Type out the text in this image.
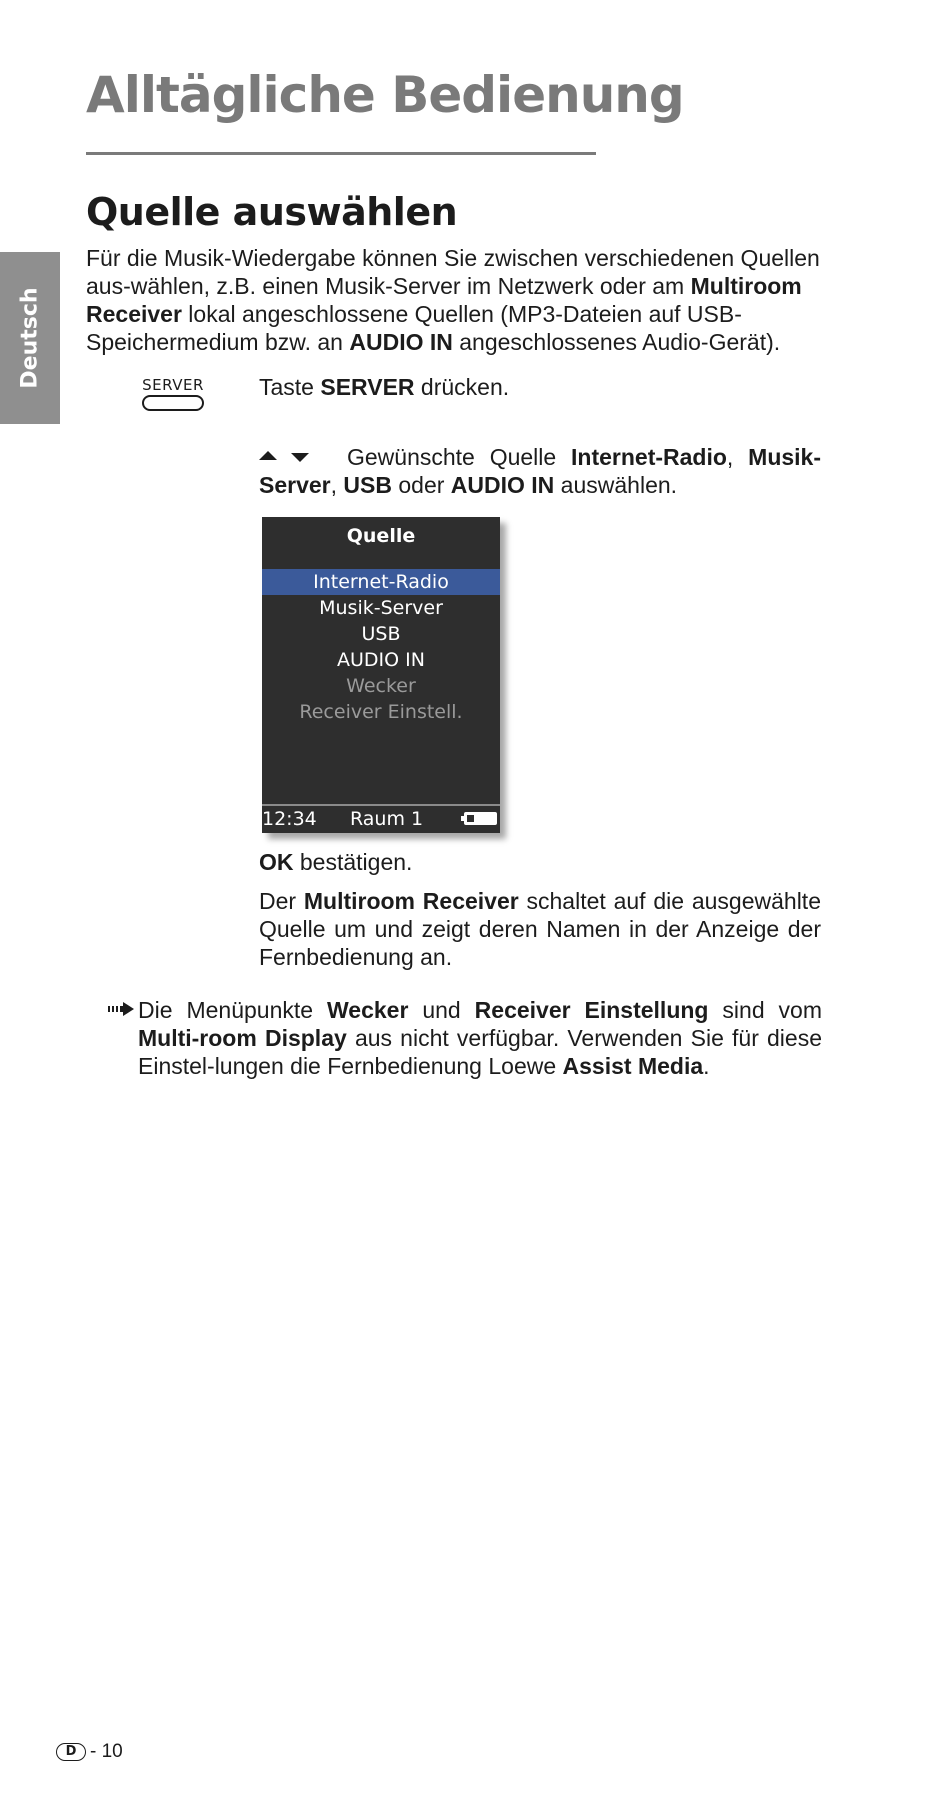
Alltägliche Bedienung
Deutsch
Quelle auswählen

Für die Musik-Wiedergabe können Sie zwischen verschiedenen Quellen aus-wählen, z.B. einen Musik-Server im Netzwerk oder am Multiroom Receiver lokal angeschlossene Quellen (MP3-Dateien auf USB-Speichermedium bzw. an AUDIO IN angeschlossenes Audio-Gerät).

SERVER Taste SERVER drücken.

Gewünschte Quelle Internet-Radio, Musik-Server, USB oder AUDIO IN auswählen.

Quelle
Internet-Radio
Musik-Server
USB
AUDIO IN
Wecker
Receiver Einstell.
12:34 Raum 1

OK bestätigen.

Der Multiroom Receiver schaltet auf die ausgewählte Quelle um und zeigt deren Namen in der Anzeige der Fernbedienung an.

Die Menüpunkte Wecker und Receiver Einstellung sind vom Multi-room Display aus nicht verfügbar. Verwenden Sie für diese Einstel-lungen die Fernbedienung Loewe Assist Media.

D - 10
